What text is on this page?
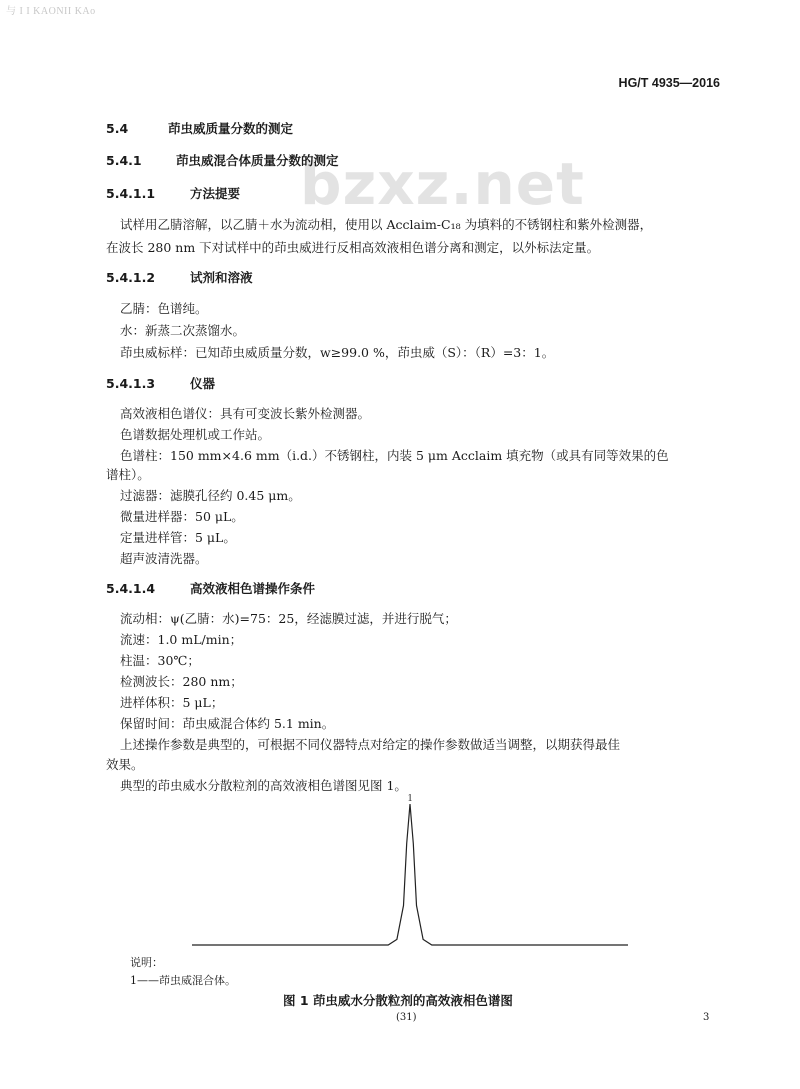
与 I I KAONII KAo
HG/T 4935—2016
bzxz.net
5.4	茚虫威质量分数的测定
5.4.1	茚虫威混合体质量分数的测定
5.4.1.1	方法提要
试样用乙腈溶解，以乙腈＋水为流动相，使用以 Acclaim-C₁₈ 为填料的不锈钢柱和紫外检测器，
在波长 280 nm 下对试样中的茚虫威进行反相高效液相色谱分离和测定，以外标法定量。
5.4.1.2	试剂和溶液
乙腈：色谱纯。
水：新蒸二次蒸馏水。
茚虫威标样：已知茚虫威质量分数，w≥99.0 %，茚虫威（S）：（R）=3：1。
5.4.1.3	仪器
高效液相色谱仪：具有可变波长紫外检测器。
色谱数据处理机或工作站。
色谱柱：150 mm×4.6 mm（i.d.）不锈钢柱，内装 5 μm Acclaim 填充物（或具有同等效果的色
谱柱）。
过滤器：滤膜孔径约 0.45 μm。
微量进样器：50 μL。
定量进样管：5 μL。
超声波清洗器。
5.4.1.4	高效液相色谱操作条件
流动相：ψ(乙腈：水)=75：25，经滤膜过滤，并进行脱气；
流速：1.0 mL/min；
柱温：30℃；
检测波长：280 nm；
进样体积：5 μL；
保留时间：茚虫威混合体约 5.1 min。
上述操作参数是典型的，可根据不同仪器特点对给定的操作参数做适当调整，以期获得最佳
效果。
典型的茚虫威水分散粒剂的高效液相色谱图见图 1。
1
说明：
1——茚虫威混合体。
图 1 茚虫威水分散粒剂的高效液相色谱图
(31)	3
